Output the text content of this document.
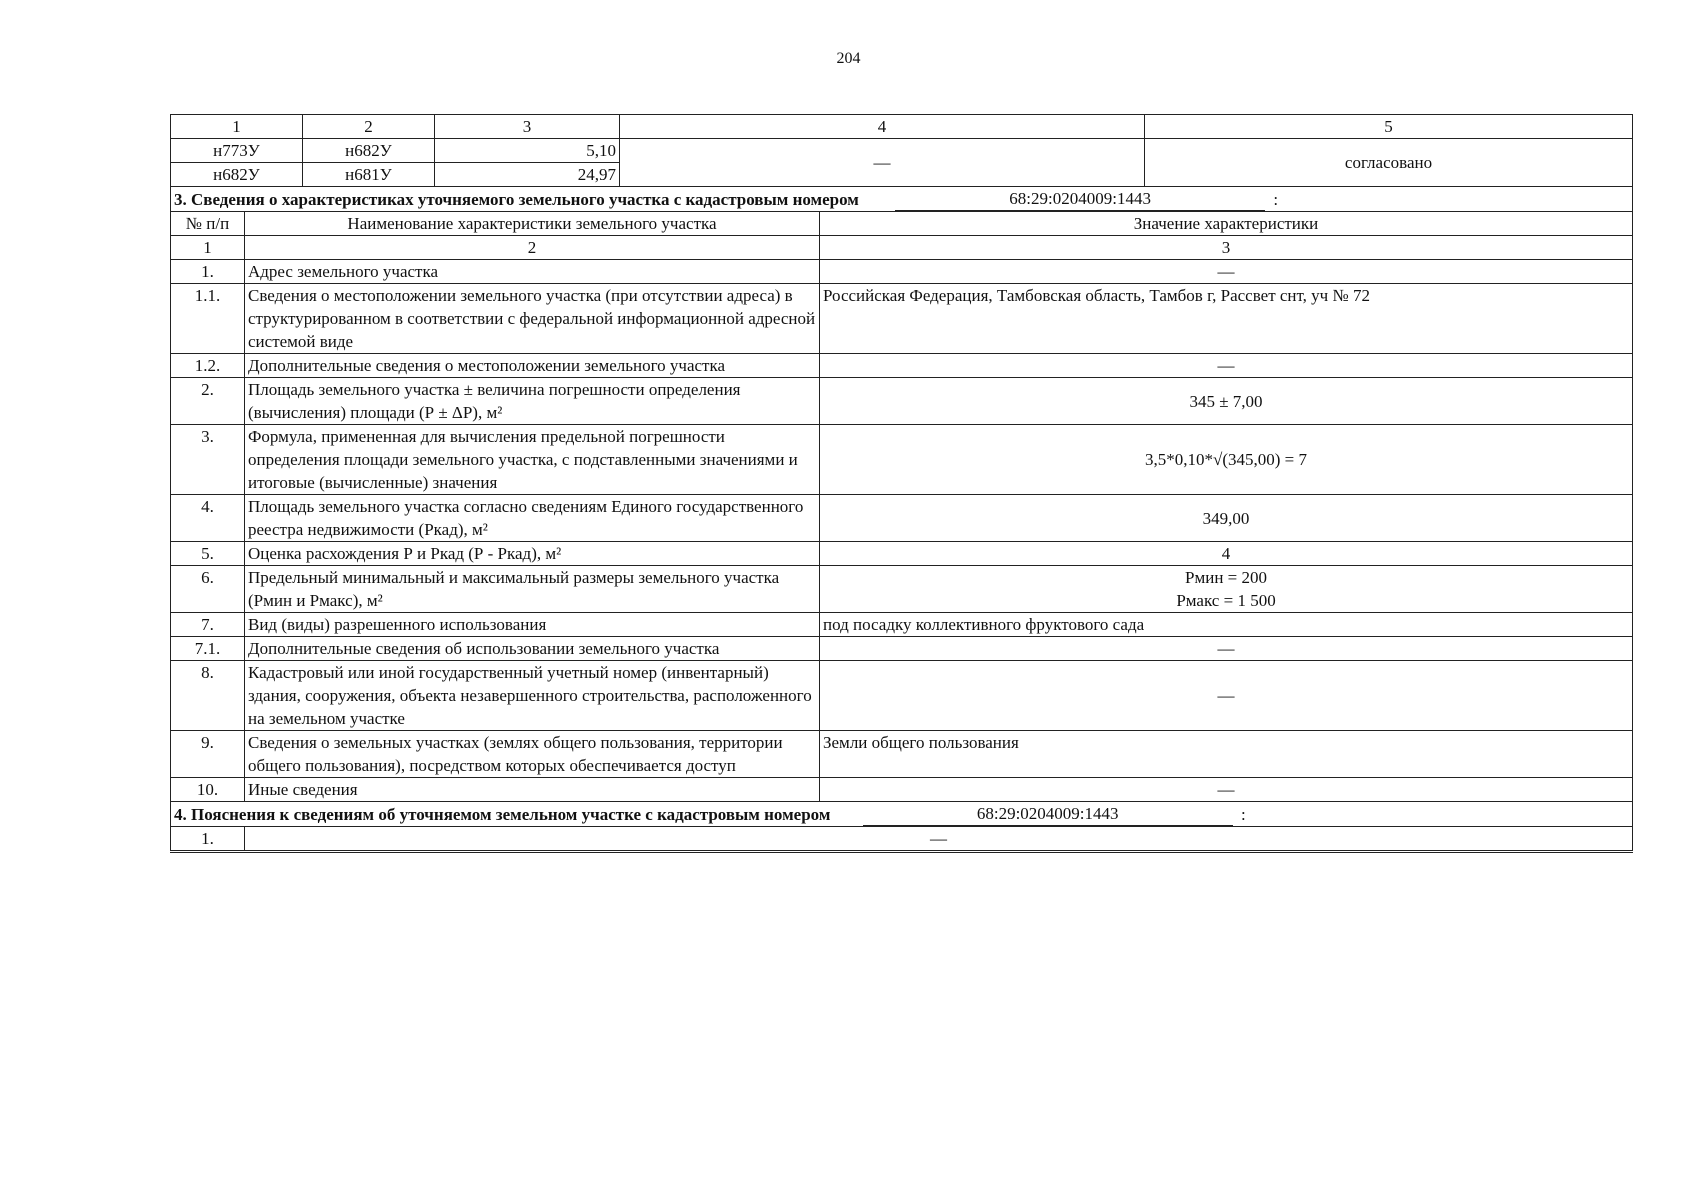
204
1	2	3	4	5
н773У	н682У	5,10	—	согласовано
н682У	н681У	24,97		
3. Сведения о характеристиках уточняемого земельного участка с кадастровым номером 68:29:0204009:1443 :		
№ п/п	Наименование характеристики земельного участка	Значение характеристики
1	2	3
1.	Адрес земельного участка	—
1.1.	Сведения о местоположении земельного участка (при отсутствии адреса) в структурированном в соответствии с федеральной информационной адресной системой виде	Российская Федерация, Тамбовская область, Тамбов г, Рассвет снт, уч № 72
1.2.	Дополнительные сведения о местоположении земельного участка	—
2.	Площадь земельного участка ± величина погрешности определения (вычисления) площади (Р ± ΔР), м²	345 ± 7,00
3.	Формула, примененная для вычисления предельной погрешности определения площади земельного участка, с подставленными значениями и итоговые (вычисленные) значения	3,5*0,10*√(345,00) = 7
4.	Площадь земельного участка согласно сведениям Единого государственного реестра недвижимости (Ркад), м²	349,00
5.	Оценка расхождения Р и Ркад (Р - Ркад), м²	4
6.	Предельный минимальный и максимальный размеры земельного участка (Рмин и Рмакс), м²	Рмин = 200
Рмакс = 1 500

7.	Вид (виды) разрешенного использования	под посадку коллективного фруктового сада
7.1.	Дополнительные сведения об использовании земельного участка	—
8.	Кадастровый или иной государственный учетный номер (инвентарный) здания, сооружения, объекта незавершенного строительства, расположенного на земельном участке	—
9.	Сведения о земельных участках (землях общего пользования, территории общего пользования), посредством которых обеспечивается доступ	Земли общего пользования
10.	Иные сведения	—
4. Пояснения к сведениям об уточняемом земельном участке с кадастровым номером 68:29:0204009:1443 :		
1.	—	
